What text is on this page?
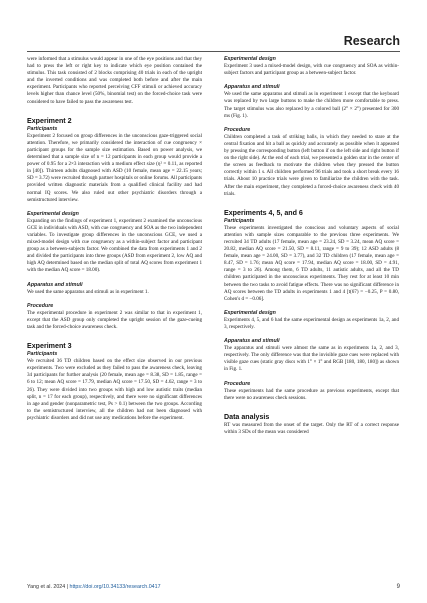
Research

were informed that a stimulus would appear in one of the eye positions and that they had to press the left or right key to indicate which eye position contained the stimulus. This task consisted of 2 blocks comprising 40 trials in each of the upright and the inverted conditions and was completed both before and after the main experiment. Participants who reported perceiving CFF stimuli or achieved accuracy levels higher than chance level (50%, binomial test) on the forced-choice task were considered to have failed to pass the awareness test.

Experiment 2
Participants

Experiment 2 focused on group differences in the unconscious gaze-triggered social attention. Therefore, we primarily considered the interaction of cue congruency × participant groups for the sample size estimation. Based on power analysis, we determined that a sample size of n = 12 participants in each group would provide a power of 0.95 for a 2×3 interaction with a medium effect size (η² = 0.11, as reported in [40]). Thirteen adults diagnosed with ASD (10 female, mean age = 22.15 years; SD = 3.72) were recruited through partner hospitals or online forums. All participants provided written diagnostic materials from a qualified clinical facility and had normal IQ scores. We also ruled out other psychiatric disorders through a semistructured interview.

Experimental design

Expanding on the findings of experiment 1, experiment 2 examined the unconscious GCE in individuals with ASD, with cue congruency and SOA as the two independent variables. To investigate group differences in the unconscious GCE, we used a mixed-model design with cue congruency as a within-subject factor and participant group as a between-subjects factor. We combined the data from experiments 1 and 2 and divided the participants into three groups (ASD from experiment 2, low AQ and high AQ determined based on the median split of total AQ scores from experiment 1 with the median AQ score = 18.00).

Apparatus and stimuli

We used the same apparatus and stimuli as in experiment 1.

Procedure

The experimental procedure in experiment 2 was similar to that in experiment 1, except that the ASD group only completed the upright session of the gaze-cueing task and the forced-choice awareness check.

Experiment 3
Participants

We recruited 36 TD children based on the effect size observed in our previous experiments. Two were excluded as they failed to pass the awareness check, leaving 34 participants for further analysis (20 female, mean age = 8.38, SD = 1.85, range = 6 to 12; mean AQ score = 17.79, median AQ score = 17.50, SD = 4.62, range = 3 to 26). They were divided into two groups with high and low autistic traits (median split, n = 17 for each group), respectively, and there were no significant differences in age and gender (nonparametric test, Ps > 0.1) between the two groups. According to the semistructured interview, all the children had not been diagnosed with psychiatric disorders and did not use any medications before the experiment.

Experimental design

Experiment 3 used a mixed-model design, with cue congruency and SOA as within-subject factors and participant group as a between-subject factor.

Apparatus and stimuli

We used the same apparatus and stimuli as in experiment 1 except that the keyboard was replaced by two large buttons to make the children more comfortable to press. The target stimulus was also replaced by a colored ball (2° × 2°) presented for 300 ms (Fig. 1).

Procedure

Children completed a task of striking balls, in which they needed to stare at the central fixation and hit a ball as quickly and accurately as possible when it appeared by pressing the corresponding button (left button if on the left side and right button if on the right side). At the end of each trial, we presented a golden star in the center of the screen as feedback to motivate the children when they pressed the button correctly within 1 s. All children performed 96 trials and took a short break every 16 trials. About 10 practice trials were given to familiarize the children with the task. After the main experiment, they completed a forced-choice awareness check with 40 trials.

Experiments 4, 5, and 6
Participants

These experiments investigated the conscious and voluntary aspects of social attention with sample sizes comparable to the previous three experiments. We recruited 34 TD adults (17 female, mean age = 23.24, SD = 3.24, mean AQ score = 20.82, median AQ score = 21.50, SD = 8.11, range = 9 to 39); 12 ASD adults (8 female, mean age = 24.00, SD = 3.77), and 32 TD children (17 female, mean age = 8.47, SD = 1.76; mean AQ score = 17.94, median AQ score = 18.00, SD = 4.91, range = 3 to 26). Among them, 6 TD adults, 11 autistic adults, and all the TD children participated in the unconscious experiments. They rest for at least 10 min between the two tasks to avoid fatigue effects. There was no significant difference in AQ scores between the TD adults in experiments 1 and 4 [t(67) = −0.25, P = 0.80, Cohen's d = −0.06].

Experimental design

Experiments 4, 5, and 6 had the same experimental design as experiments 1a, 2, and 3, respectively.

Apparatus and stimuli

The apparatus and stimuli were almost the same as in experiments 1a, 2, and 3, respectively. The only difference was that the invisible gaze cues were replaced with visible gaze cues (static gray discs with 1° × 1° and RGB [180, 180, 180]) as shown in Fig. 1.

Procedure

These experiments had the same procedure as previous experiments, except that there were no awareness check sessions.

Data analysis

RT was measured from the onset of the target. Only the RT of a correct response within 3 SDs of the mean was considered

Yang et al. 2024 | https://doi.org/10.34133/research.0417	9
